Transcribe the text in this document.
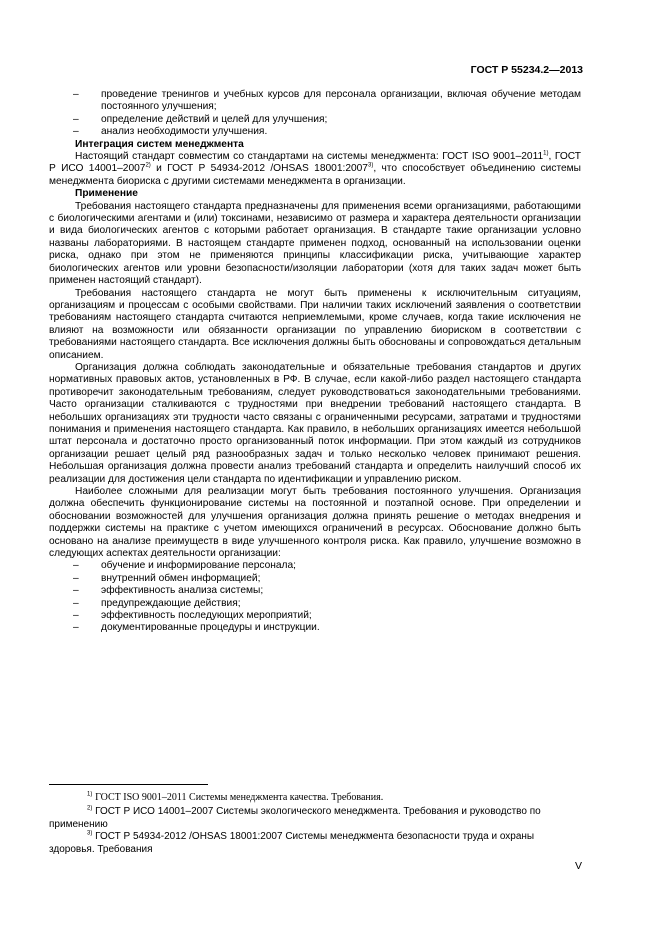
ГОСТ Р 55234.2—2013
–	проведение тренингов и учебных курсов для персонала организации, включая обучение методам постоянного улучшения;
–	определение действий и целей для улучшения;
–	анализ необходимости улучшения.

Интеграция систем менеджмента

Настоящий стандарт совместим со стандартами на системы менеджмента: ГОСТ ISO 9001–2011$^{1)}$, ГОСТ Р ИСО 14001–2007$^{2)}$ и ГОСТ Р 54934-2012 /OHSAS 18001:2007$^{3)}$, что способствует объединению системы менеджмента биориска с другими системами менеджмента в организации.

Применение

Требования настоящего стандарта предназначены для применения всеми организациями, работающими с биологическими агентами и (или) токсинами, независимо от размера и характера деятельности организации и вида биологических агентов с которыми работает организация. В стандарте такие организации условно названы лабораториями. В настоящем стандарте применен подход, основанный на использовании оценки риска, однако при этом не применяются принципы классификации риска, учитывающие характер биологических агентов или уровни безопасности/изоляции лаборатории (хотя для таких задач может быть применен настоящий стандарт).

Требования настоящего стандарта не могут быть применены к исключительным ситуациям, организациям и процессам с особыми свойствами. При наличии таких исключений заявления о соответствии требованиям настоящего стандарта считаются неприемлемыми, кроме случаев, когда такие исключения не влияют на возможности или обязанности организации по управлению биориском в соответствии с требованиями настоящего стандарта. Все исключения должны быть обоснованы и сопровождаться детальным описанием.

Организация должна соблюдать законодательные и обязательные требования стандартов и других нормативных правовых актов, установленных в РФ. В случае, если какой-либо раздел настоящего стандарта противоречит законодательным требованиям, следует руководствоваться законодательными требованиями. Часто организации сталкиваются с трудностями при внедрении требований настоящего стандарта. В небольших организациях эти трудности часто связаны с ограниченными ресурсами, затратами и трудностями понимания и применения настоящего стандарта. Как правило, в небольших организациях имеется небольшой штат персонала и достаточно просто организованный поток информации. При этом каждый из сотрудников организации решает целый ряд разнообразных задач и только несколько человек принимают решения. Небольшая организация должна провести анализ требований стандарта и определить наилучший способ их реализации для достижения цели стандарта по идентификации и управлению риском.

Наиболее сложными для реализации могут быть требования постоянного улучшения. Организация должна обеспечить функционирование системы на постоянной и поэтапной основе. При определении и обосновании возможностей для улучшения организация должна принять решение о методах внедрения и поддержки системы на практике с учетом имеющихся ограничений в ресурсах. Обоснование должно быть основано на анализе преимуществ в виде улучшенного контроля риска. Как правило, улучшение возможно в следующих аспектах деятельности организации:

–	обучение и информирование персонала;
–	внутренний обмен информацией;
–	эффективность анализа системы;
–	предупреждающие действия;
–	эффективность последующих мероприятий;
–	документированные процедуры и инструкции.
$^{1)}$ ГОСТ ISO 9001–2011 Системы менеджмента качества. Требования.
$^{2)}$ ГОСТ Р ИСО 14001–2007 Системы экологического менеджмента. Требования и руководство по применению
$^{3)}$ ГОСТ Р 54934-2012 /OHSAS 18001:2007 Системы менеджмента безопасности труда и охраны здоровья. Требования
V
